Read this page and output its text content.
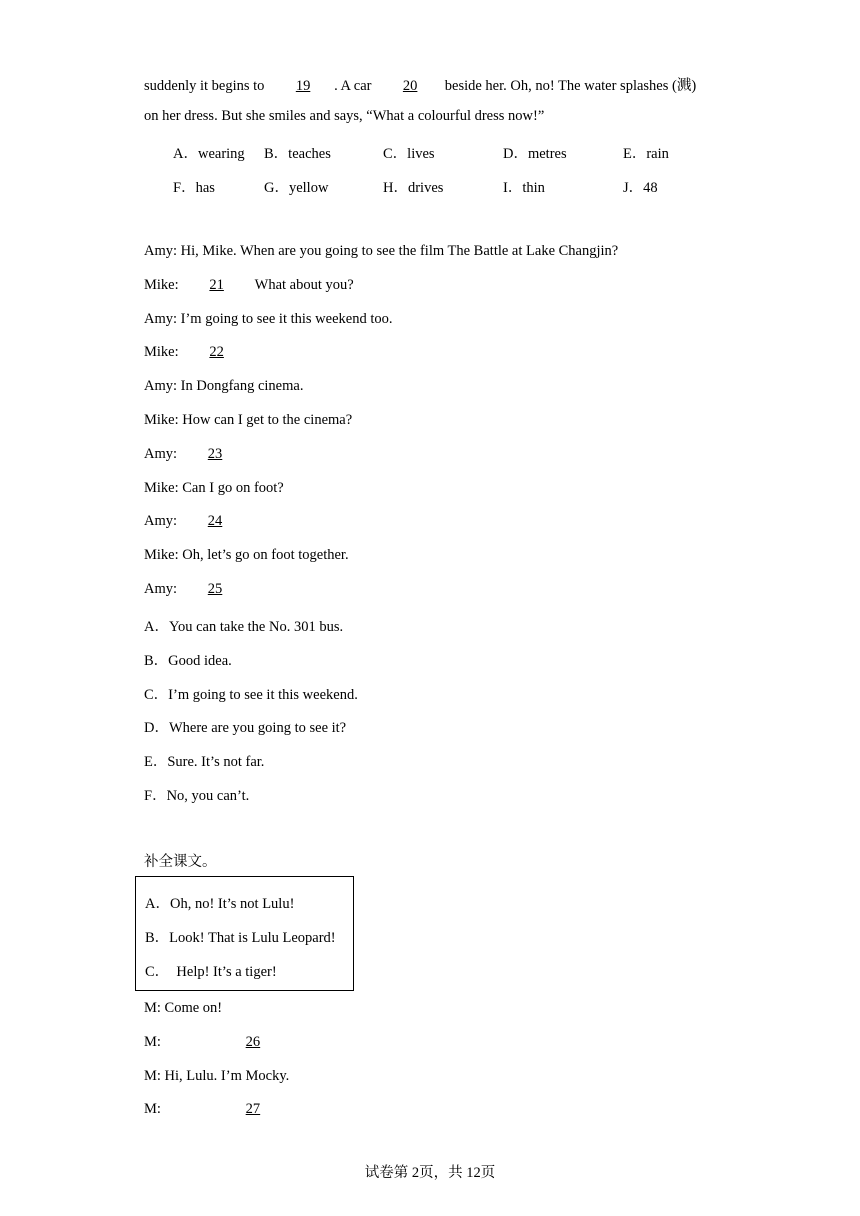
suddenly it begins to 19 . A car 20 beside her. Oh, no! The water splashes (溅)
on her dress. But she smiles and says, “What a colourful dress now!”
A．wearing B．teaches	C．lives	D．metres	E．rain
F．has	G．yellow	H．drives	I．thin	J．48
Amy: Hi, Mike. When are you going to see the film The Battle at Lake Changjin?
Mike: 21 What about you?
Amy: I’m going to see it this weekend too.
Mike: 22
Amy: In Dongfang cinema.
Mike: How can I get to the cinema?
Amy: 23
Mike: Can I go on foot?
Amy: 24
Mike: Oh, let’s go on foot together.
Amy: 25
A．You can take the No. 301 bus.
B．Good idea.
C．I’m going to see it this weekend.
D．Where are you going to see it?
E．Sure. It’s not far.
F．No, you can’t.
补全课文。
A．Oh, no! It’s not Lulu!
B．Look! That is Lulu Leopard!
C．  Help! It’s a tiger!
M: Come on!
M:	26
M: Hi, Lulu. I’m Mocky.
M:	27
试卷第 2页，共 12页
